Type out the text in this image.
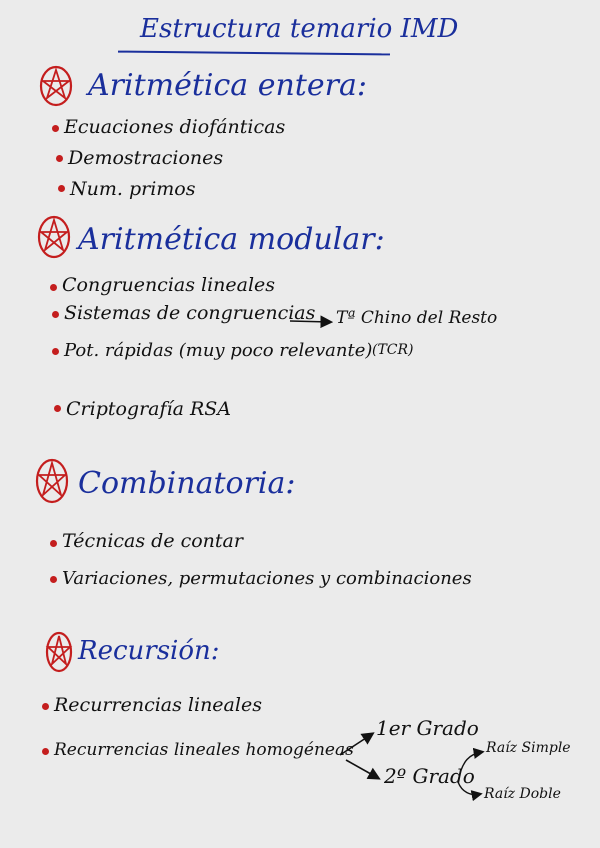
Estructura temario IMD
Aritmética entera:
Ecuaciones diofánticas
Demostraciones
Num. primos
Aritmética modular:
Congruencias lineales
Sistemas de congruencias Tª Chino del Resto
(TCR)
Pot. rápidas (muy poco relevante)
Criptografía RSA
Combinatoria:
Técnicas de contar
Variaciones, permutaciones y combinaciones
Recursión:
Recurrencias lineales
Recurrencias lineales homogéneas
1er Grado
2º Grado
Raíz Simple
Raíz Doble
